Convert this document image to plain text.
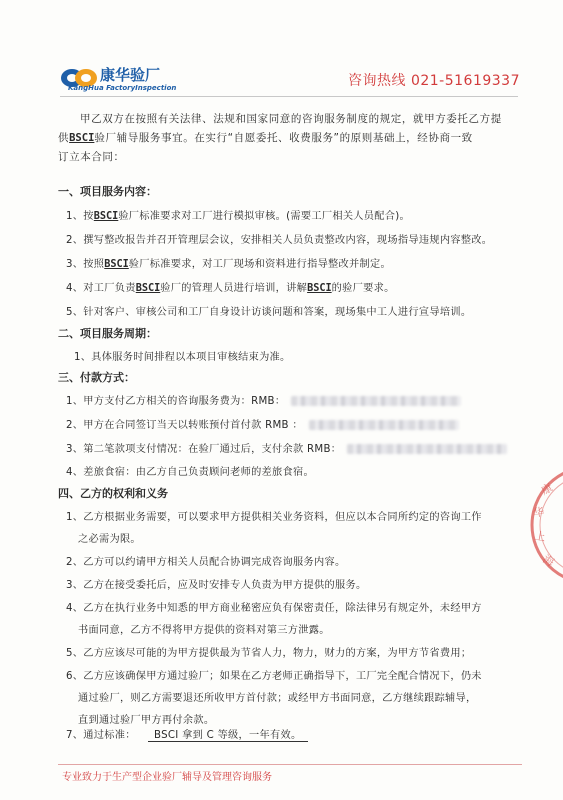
康华验厂
KangHua FactoryInspection	咨询热线 021-51619337
甲乙双方在按照有关法律、法规和国家同意的咨询服务制度的规定，就甲方委托乙方提
供BSCI验厂辅导服务事宜。在实行“自愿委托、收费服务”的原则基础上，经协商一致
订立本合同：
一、项目服务内容：
1、按BSCI验厂标准要求对工厂进行模拟审核。(需要工厂相关人员配合)。
2、撰写整改报告并召开管理层会议，安排相关人员负责整改内容，现场指导违规内容整改。
3、按照BSCI验厂标准要求，对工厂现场和资料进行指导整改并制定。
4、对工厂负责BSCI验厂的管理人员进行培训，讲解BSCI的验厂要求。
5、针对客户、审核公司和工厂自身设计访谈问题和答案，现场集中工人进行宣导培训。
二、项目服务周期：
1、具体服务时间排程以本项目审核结束为准。
三、付款方式：
1、甲方支付乙方相关的咨询服务费为：RMB：
2、甲方在合同签订当天以转账预付首付款 RMB ：
3、第二笔款项支付情况：在验厂通过后，支付余款 RMB：
4、差旅食宿：由乙方自己负责顾问老师的差旅食宿。
四、乙方的权利和义务
1、乙方根据业务需要，可以要求甲方提供相关业务资料，但应以本合同所约定的咨询工作
之必需为限。
2、乙方可以约请甲方相关人员配合协调完成咨询服务内容。
3、乙方在接受委托后，应及时安排专人负责为甲方提供的服务。
4、乙方在执行业务中知悉的甲方商业秘密应负有保密责任，除法律另有规定外，未经甲方
书面同意，乙方不得将甲方提供的资料对第三方泄露。
5、乙方应该尽可能的为甲方提供最为节省人力，物力，财力的方案，为甲方节省费用；
6、乙方应该确保甲方通过验厂；如果在乙方老师正确指导下，工厂完全配合情况下，仍未
通过验厂，则乙方需要退还所收甲方首付款；或经甲方书面同意，乙方继续跟踪辅导，
直到通过验厂甲方再付余款。
7、通过标准： BSCI 拿到 C 等级，一年有效。
康
华
上
海
专业致力于生产型企业验厂辅导及管理咨询服务
